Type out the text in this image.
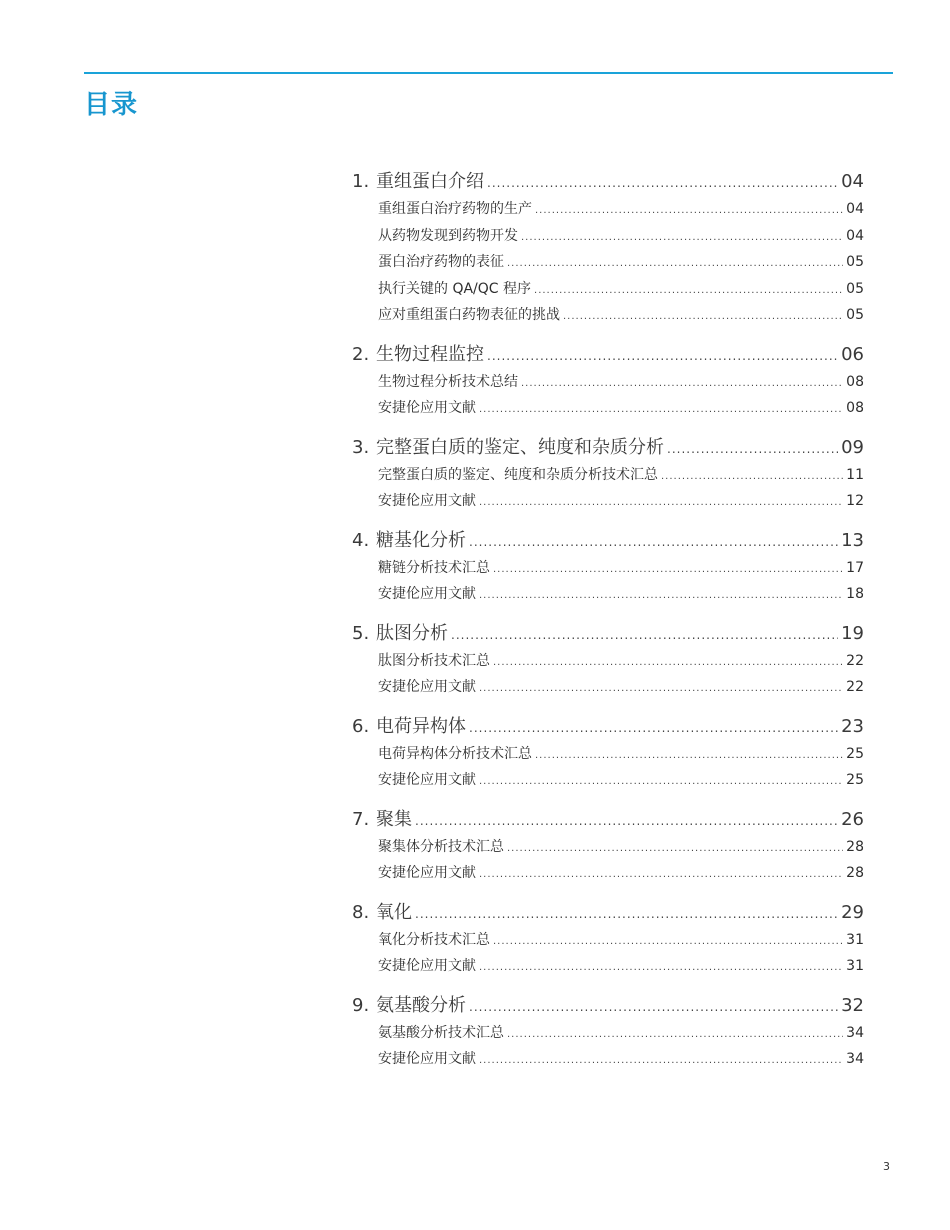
目录
1. 重组蛋白介绍 .....	04
重组蛋白治疗药物的生产 .....	04
从药物发现到药物开发 .....	04
蛋白治疗药物的表征 .....	05
执行关键的 QA/QC 程序 .....	05
应对重组蛋白药物表征的挑战 .....	05
2. 生物过程监控 .....	06
生物过程分析技术总结 .....	08
安捷伦应用文献 .....	08
3. 完整蛋白质的鉴定、纯度和杂质分析 .....	09
完整蛋白质的鉴定、纯度和杂质分析技术汇总 .....	11
安捷伦应用文献 .....	12
4. 糖基化分析 .....	13
糖链分析技术汇总 .....	17
安捷伦应用文献 .....	18
5. 肽图分析 .....	19
肽图分析技术汇总 .....	22
安捷伦应用文献 .....	22
6. 电荷异构体 .....	23
电荷异构体分析技术汇总 .....	25
安捷伦应用文献 .....	25
7. 聚集 .....	26
聚集体分析技术汇总 .....	28
安捷伦应用文献 .....	28
8. 氧化 .....	29
氧化分析技术汇总 .....	31
安捷伦应用文献 .....	31
9. 氨基酸分析 .....	32
氨基酸分析技术汇总 .....	34
安捷伦应用文献 .....	34
3
